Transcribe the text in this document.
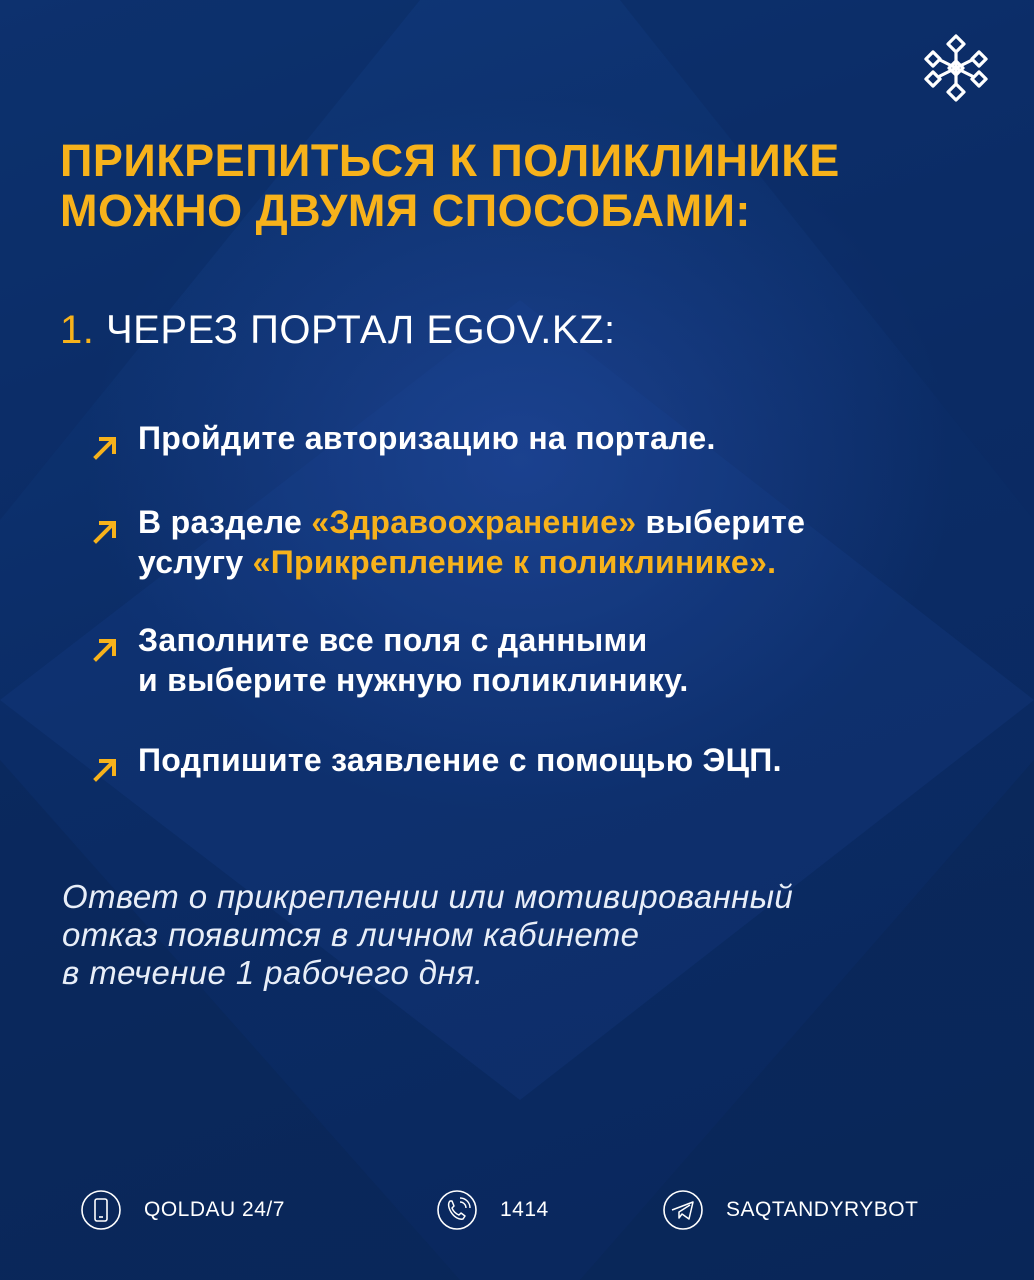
ПРИКРЕПИТЬСЯ К ПОЛИКЛИНИКЕ
МОЖНО ДВУМЯ СПОСОБАМИ:
1. ЧЕРЕЗ ПОРТАЛ EGOV.KZ:
Пройдите авторизацию на портале.
В разделе «Здравоохранение» выберите
услугу «Прикрепление к поликлинике».
Заполните все поля с данными
и выберите нужную поликлинику.
Подпишите заявление с помощью ЭЦП.
Ответ о прикреплении или мотивированный
отказ появится в личном кабинете
в течение 1 рабочего дня.
QOLDAU 24/7	1414	SAQTANDYRYBOT
